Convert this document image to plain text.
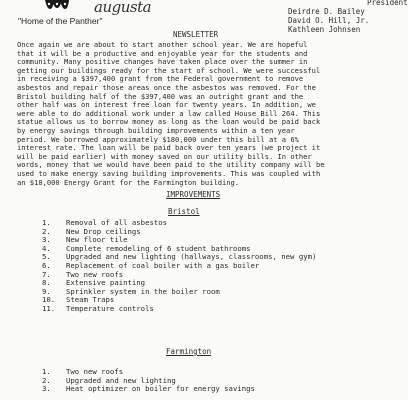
"Home of the Panther"
augusta	President
Deirdre D. Bailey
David O. Hill, Jr.
Kathleen Johnsen
NEWSLETTER
Once again we are about to start another school year. We are hopeful
that it will be a productive and enjoyable year for the students and
community. Many positive changes have taken place over the summer in
getting our buildings ready for the start of school. We were successful
in receiving a $397,400 grant from the Federal government to remove
asbestos and repair those areas once the asbestos was removed. For the
Bristol building half of the $397,400 was an outright grant and the
other half was on interest free loan for twenty years. In addition, we
were able to do additional work under a law called House Bill 264. This
statue allows us to borrow money as long as the loan would be paid back
by energy savings through building improvements within a ten year
period. We borrowed approximately $180,000 under this bill at a 6%
interest rate. The loan will be paid back over ten years (we project it
will be paid earlier) with money saved on our utility bills. In other
words, money that we would have been paid to the utility company will be
used to make energy saving building improvements. This was coupled with
an $18,000 Energy Grant for the Farmington building.
IMPROVEMENTS
Bristol
1. Removal of all asbestos
2. New Drop ceilings
3. New floor tile
4. Complete remodeling of 6 student bathrooms
5. Upgraded and new lighting (hallways, classrooms, new gym)
6. Replacement of coal boiler with a gas boiler
7. Two new roofs
8. Extensive painting
9. Sprinkler system in the boiler room
10. Steam Traps
11. Temperature controls
Farmington
1. Two new roofs
2. Upgraded and new lighting
3. Heat optimizer on boiler for energy savings
